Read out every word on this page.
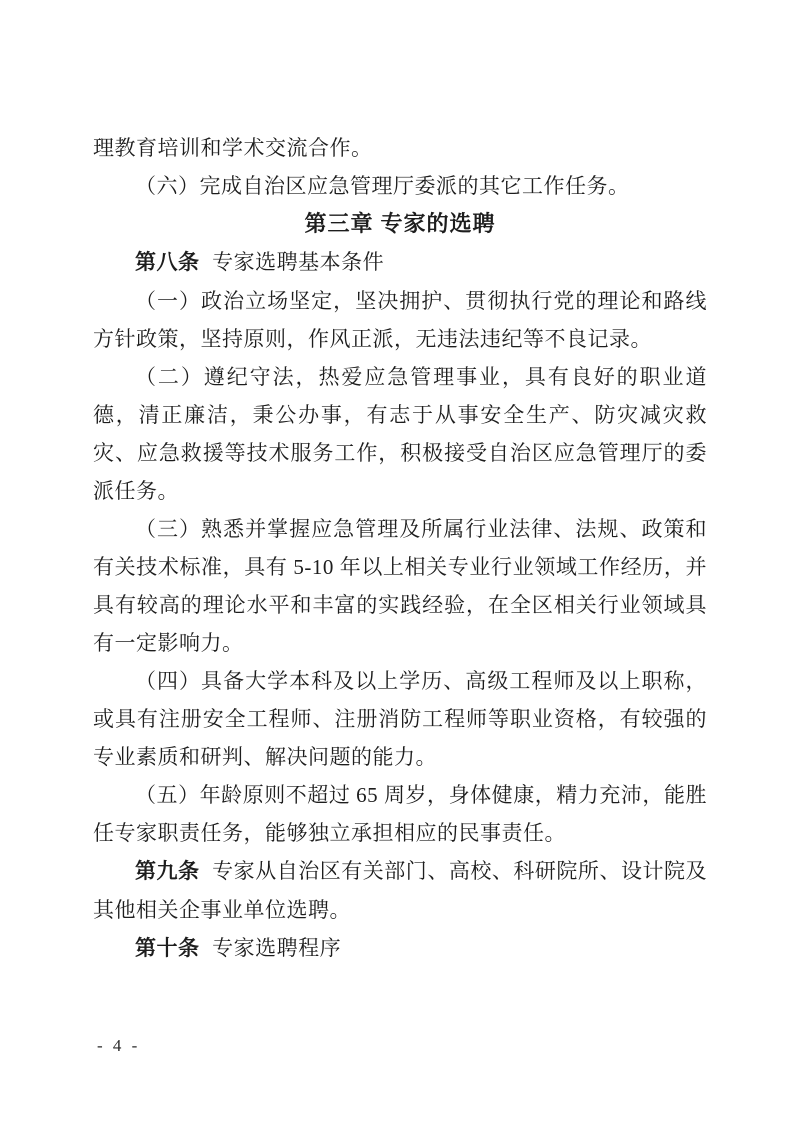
理教育培训和学术交流合作。

（六）完成自治区应急管理厅委派的其它工作任务。

第三章 专家的选聘

第八条 专家选聘基本条件

（一）政治立场坚定，坚决拥护、贯彻执行党的理论和路线方针政策，坚持原则，作风正派，无违法违纪等不良记录。

（二）遵纪守法，热爱应急管理事业，具有良好的职业道德，清正廉洁，秉公办事，有志于从事安全生产、防灾减灾救灾、应急救援等技术服务工作，积极接受自治区应急管理厅的委派任务。

（三）熟悉并掌握应急管理及所属行业法律、法规、政策和有关技术标准，具有 5-10 年以上相关专业行业领域工作经历，并具有较高的理论水平和丰富的实践经验，在全区相关行业领域具有一定影响力。

（四）具备大学本科及以上学历、高级工程师及以上职称，或具有注册安全工程师、注册消防工程师等职业资格，有较强的专业素质和研判、解决问题的能力。

（五）年龄原则不超过 65 周岁，身体健康，精力充沛，能胜任专家职责任务，能够独立承担相应的民事责任。

第九条 专家从自治区有关部门、高校、科研院所、设计院及其他相关企事业单位选聘。

第十条 专家选聘程序

- 4 -
